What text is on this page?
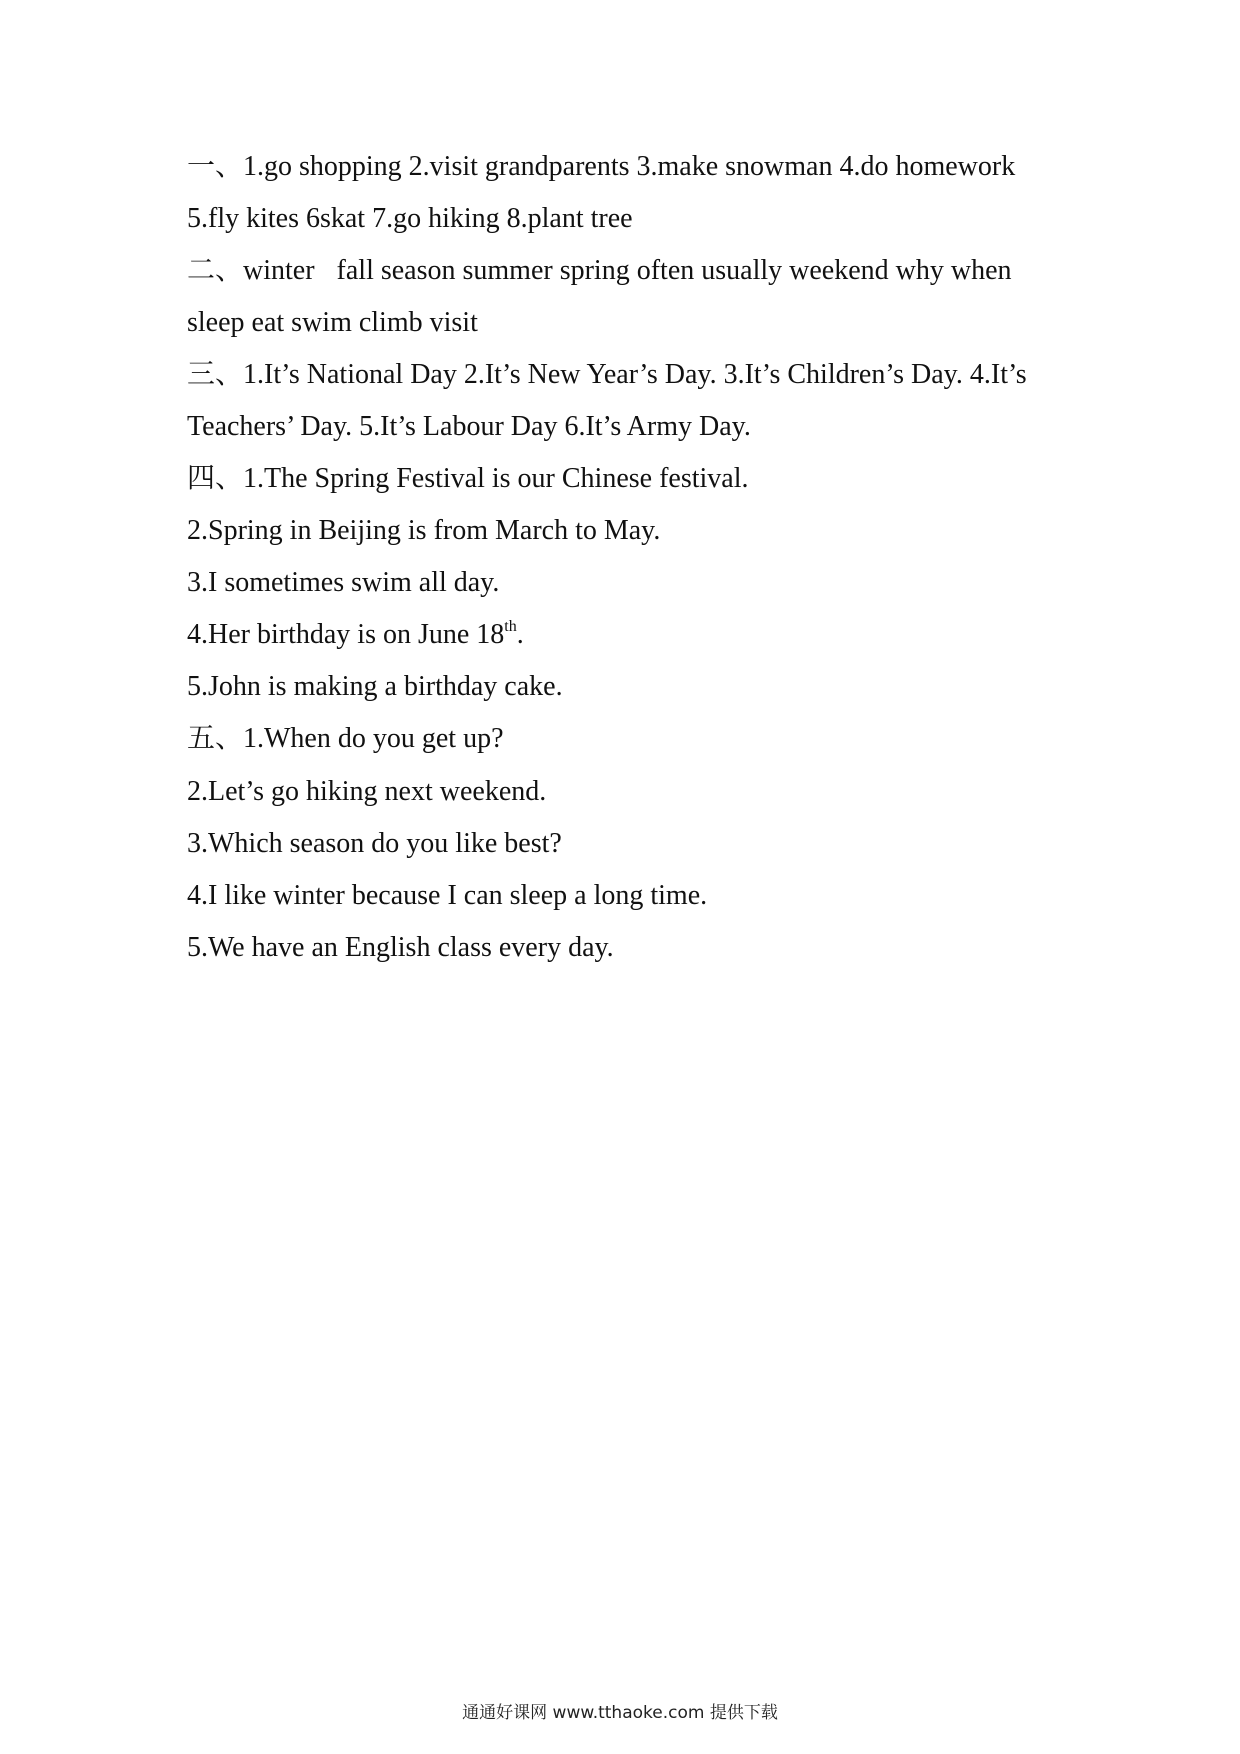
一、1.go shopping 2.visit grandparents 3.make snowman 4.do homework
5.fly kites 6skat 7.go hiking 8.plant tree
二、winter fall season summer spring often usually weekend why when
sleep eat swim climb visit
三、1.It’s National Day 2.It’s New Year’s Day. 3.It’s Children’s Day. 4.It’s
Teachers’ Day. 5.It’s Labour Day 6.It’s Army Day.
四、1.The Spring Festival is our Chinese festival.
2.Spring in Beijing is from March to May.
3.I sometimes swim all day.
4.Her birthday is on June 18th.
5.John is making a birthday cake.
五、1.When do you get up?
2.Let’s go hiking next weekend.
3.Which season do you like best?
4.I like winter because I can sleep a long time.
5.We have an English class every day.
通通好课网 www.tthaoke.com 提供下载
